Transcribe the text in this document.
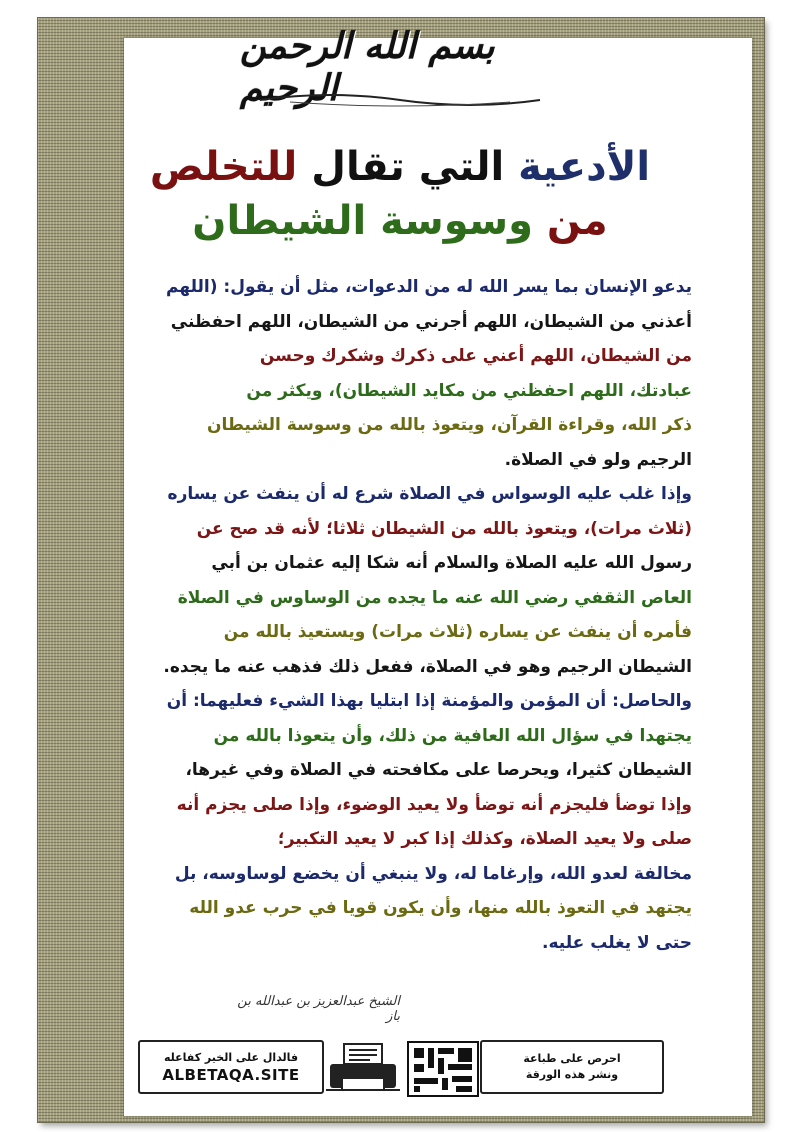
بسم الله الرحمن الرحيم
الأدعية التي تقال للتخلص
من وسوسة الشيطان
يدعو الإنسان بما يسر الله له من الدعوات، مثل أن يقول: (اللهم
أعذني من الشيطان، اللهم أجرني من الشيطان، اللهم احفظني
من الشيطان، اللهم أعني على ذكرك وشكرك وحسن
عبادتك، اللهم احفظني من مكايد الشيطان)، ويكثر من
ذكر الله، وقراءة القرآن، ويتعوذ بالله من وسوسة الشيطان
الرجيم ولو في الصلاة.
وإذا غلب عليه الوسواس في الصلاة شرع له أن ينفث عن يساره
(ثلاث مرات)، ويتعوذ بالله من الشيطان ثلاثا؛ لأنه قد صح عن
رسول الله عليه الصلاة والسلام أنه شكا إليه عثمان بن أبي
العاص الثقفي رضي الله عنه ما يجده من الوساوس في الصلاة
فأمره أن ينفث عن يساره (ثلاث مرات) ويستعيذ بالله من
الشيطان الرجيم وهو في الصلاة، ففعل ذلك فذهب عنه ما يجده.
والحاصل: أن المؤمن والمؤمنة إذا ابتليا بهذا الشيء فعليهما: أن
يجتهدا في سؤال الله العافية من ذلك، وأن يتعوذا بالله من
الشيطان كثيرا، ويحرصا على مكافحته في الصلاة وفي غيرها،
وإذا توضأ فليجزم أنه توضأ ولا يعيد الوضوء، وإذا صلى يجزم أنه
صلى ولا يعيد الصلاة، وكذلك إذا كبر لا يعيد التكبير؛
مخالفة لعدو الله، وإرغاما له، ولا ينبغي أن يخضع لوساوسه، بل
يجتهد في التعوذ بالله منها، وأن يكون قويا في حرب عدو الله
حتى لا يغلب عليه.
الشيخ عبدالعزيز بن عبدالله بن باز
فالدال على الخير كفاعله
ALBETAQA.SITE
احرص على طباعة
ونشر هذه الورقة
